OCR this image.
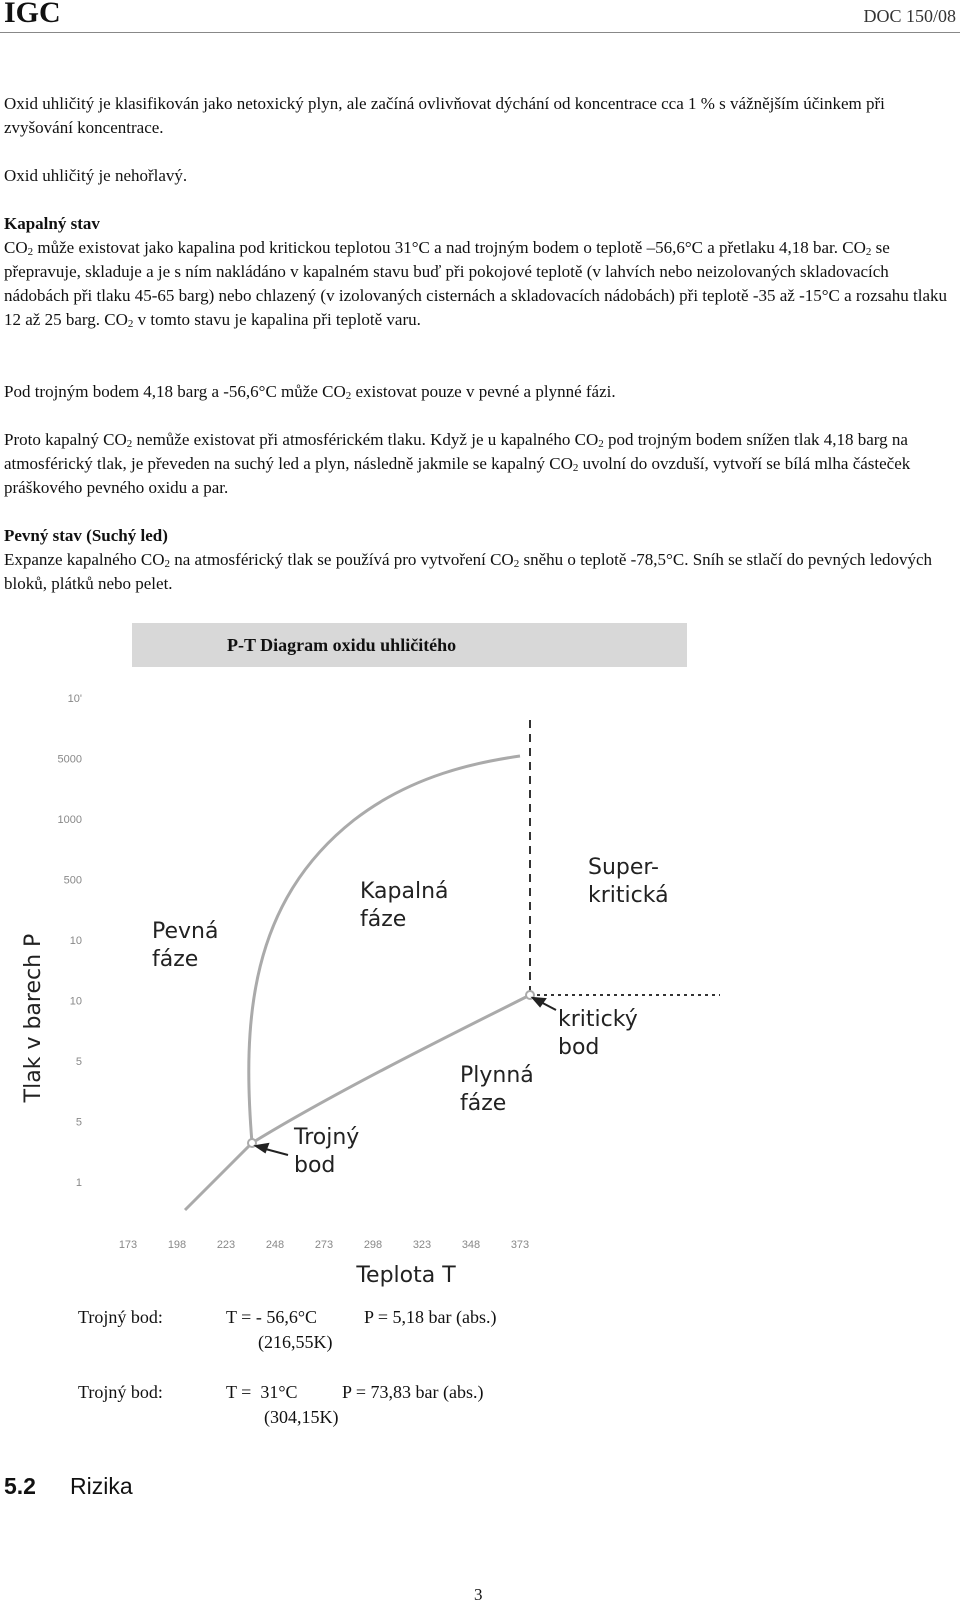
IGC	DOC 150/08
Oxid uhličitý je klasifikován jako netoxický plyn, ale začíná ovlivňovat dýchání od koncentrace cca 1 % s vážnějším účinkem při zvyšování koncentrace.
Oxid uhličitý je nehořlavý.
Kapalný stav
$CO_2$ může existovat jako kapalina pod kritickou teplotou 31°C a nad trojným bodem o teplotě –56,6°C a přetlaku 4,18 bar. $CO_2$ se přepravuje, skladuje a je s ním nakládáno v kapalném stavu buď při pokojové teplotě (v lahvích nebo neizolovaných skladovacích nádobách při tlaku 45-65 barg) nebo chlazený (v izolovaných cisternách a skladovacích nádobách) při teplotě -35 až -15°C a rozsahu tlaku 12 až 25 barg. $CO_2$ v tomto stavu je kapalina při teplotě varu.
Pod trojným bodem 4,18 barg a -56,6°C může $CO_2$ existovat pouze v pevné a plynné fázi.
Proto kapalný $CO_2$ nemůže existovat při atmosférickém tlaku. Když je u kapalného $CO_2$ pod trojným bodem snížen tlak 4,18 barg na atmosférický tlak, je převeden na suchý led a plyn, následně jakmile se kapalný $CO_2$ uvolní do ovzduší, vytvoří se bílá mlha částeček práškového pevného oxidu a par.
Pevný stav (Suchý led)
Expanze kapalného $CO_2$ na atmosférický tlak se používá pro vytvoření $CO_2$ sněhu o teplotě -78,5°C. Sníh se stlačí do pevných ledových bloků, plátků nebo pelet.
P-T Diagram oxidu uhličitého
10'
5000
1000
500
10
10
5
5
1
173	198	223	248	273	298	323	348	373
Tlak v barech P
Teplota T
Pevná
fáze
Kapalná
fáze
Super-
kritická
kritický
bod
Plynná
fáze
Trojný
bod
Trojný bod:	T = - 56,6°C	P = 5,18 bar (abs.)
(216,55K)
Trojný bod:	T =  31°C P = 73,83 bar (abs.)
(304,15K)
5.2 Rizika
3
